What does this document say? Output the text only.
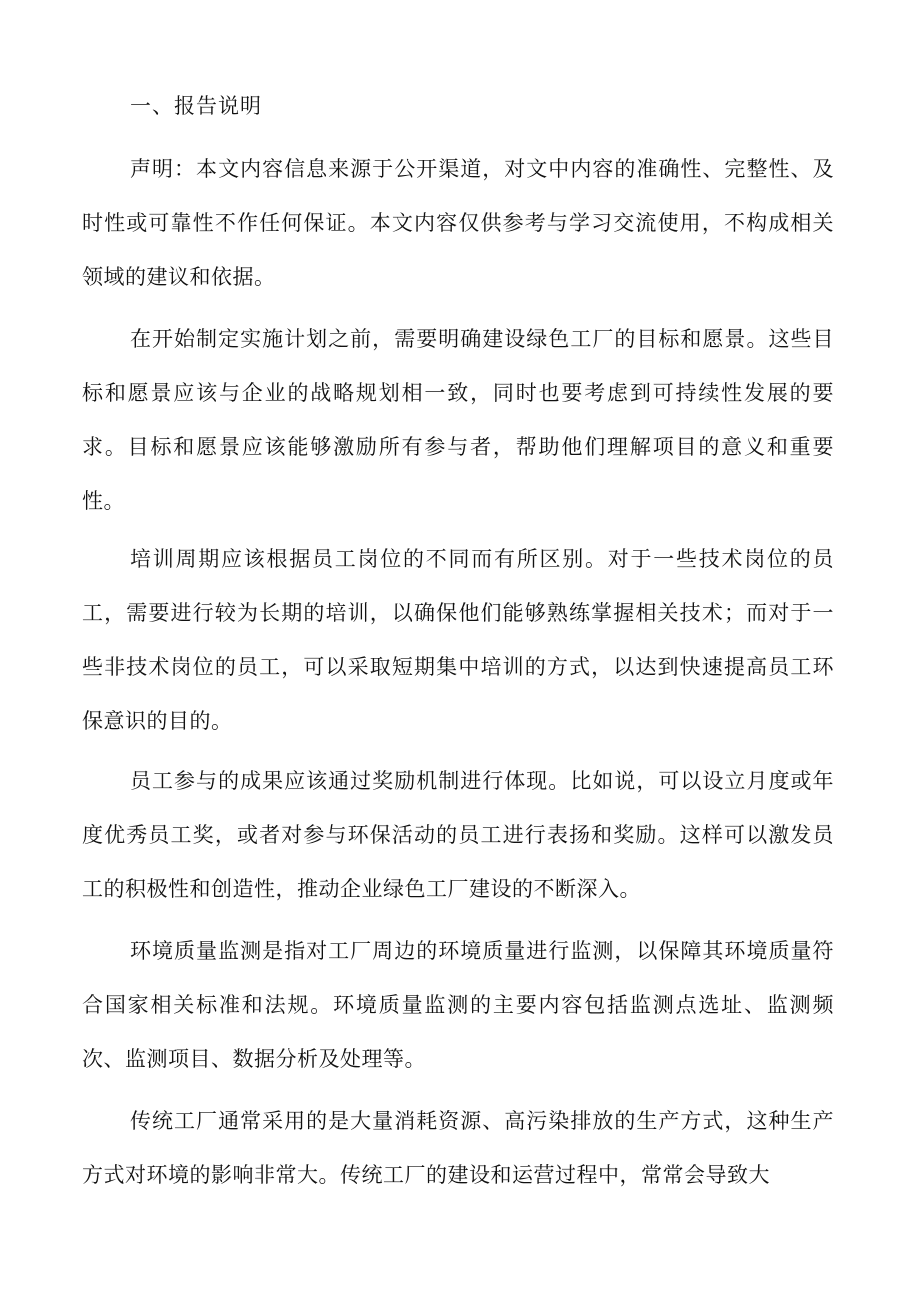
一、报告说明

声明：本文内容信息来源于公开渠道，对文中内容的准确性、完整性、及时性或可靠性不作任何保证。本文内容仅供参考与学习交流使用，不构成相关领域的建议和依据。

在开始制定实施计划之前，需要明确建设绿色工厂的目标和愿景。这些目标和愿景应该与企业的战略规划相一致，同时也要考虑到可持续性发展的要求。目标和愿景应该能够激励所有参与者，帮助他们理解项目的意义和重要性。

培训周期应该根据员工岗位的不同而有所区别。对于一些技术岗位的员工，需要进行较为长期的培训，以确保他们能够熟练掌握相关技术；而对于一些非技术岗位的员工，可以采取短期集中培训的方式，以达到快速提高员工环保意识的目的。

员工参与的成果应该通过奖励机制进行体现。比如说，可以设立月度或年度优秀员工奖，或者对参与环保活动的员工进行表扬和奖励。这样可以激发员工的积极性和创造性，推动企业绿色工厂建设的不断深入。

环境质量监测是指对工厂周边的环境质量进行监测，以保障其环境质量符合国家相关标准和法规。环境质量监测的主要内容包括监测点选址、监测频次、监测项目、数据分析及处理等。

传统工厂通常采用的是大量消耗资源、高污染排放的生产方式，这种生产方式对环境的影响非常大。传统工厂的建设和运营过程中，常常会导致大
